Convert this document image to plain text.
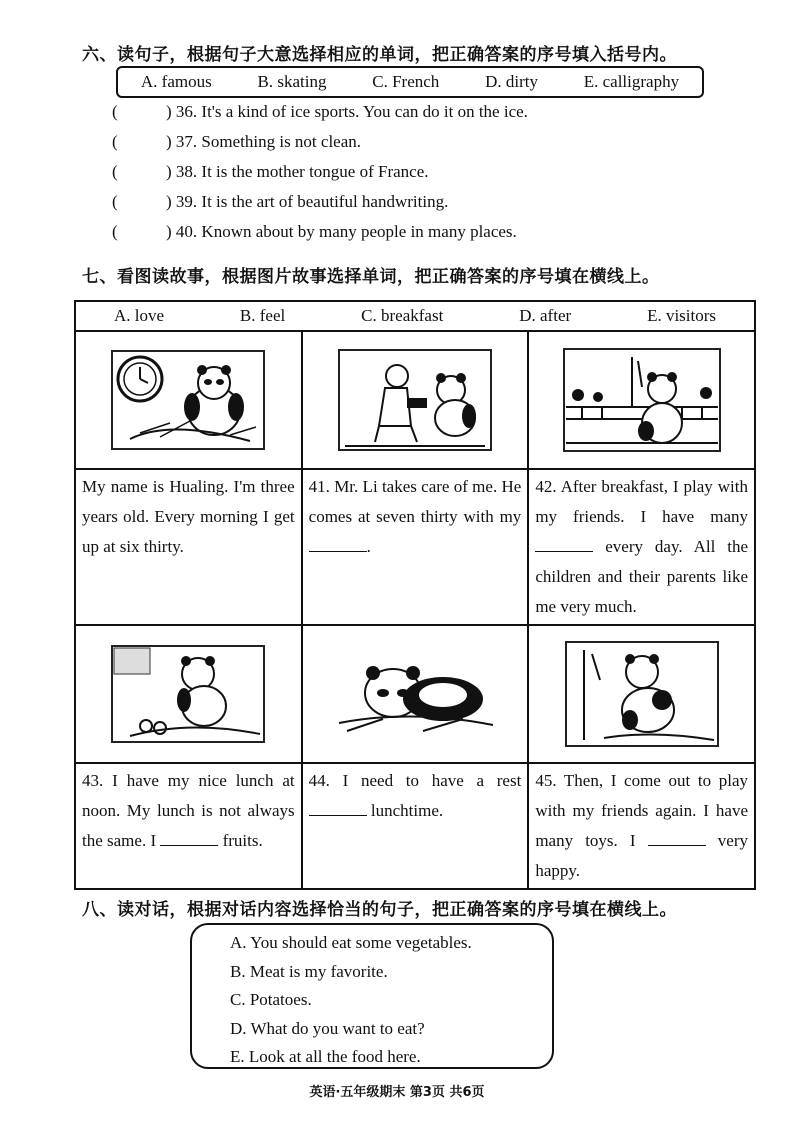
六、读句子，根据句子大意选择相应的单词，把正确答案的序号填入括号内。
A. famous	B. skating	C. French	D. dirty	E. calligraphy
(	) 36. It's a kind of ice sports. You can do it on the ice.
(	) 37. Something is not clean.
(	) 38. It is the mother tongue of France.
(	) 39. It is the art of beautiful handwriting.
(	) 40. Known about by many people in many places.
七、看图读故事，根据图片故事选择单词，把正确答案的序号填在横线上。
A. love B. feel C. breakfast D. after E. visitors		

My name is Hualing. I'm three years old. Every morning I get up at six thirty.	41. Mr. Li takes care of me. He comes at seven thirty with my .	42. After breakfast, I play with my friends. I have many  every day. All the children and their parents like me very much.

43. I have my nice lunch at noon. My lunch is not always the same. I fruits.	44. I need to have a rest  lunchtime.	45. Then, I come out to play with my friends again. I have many toys. I very happy.
八、读对话，根据对话内容选择恰当的句子，把正确答案的序号填在横线上。
A. You should eat some vegetables.
B. Meat is my favorite.
C. Potatoes.
D. What do you want to eat?
E. Look at all the food here.
英语·五年级期末 第3页 共6页
